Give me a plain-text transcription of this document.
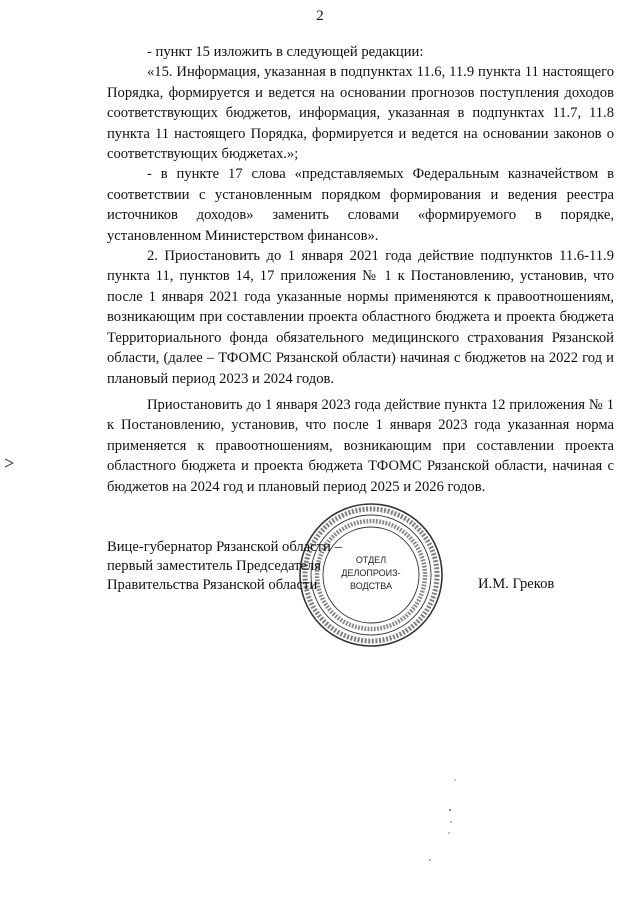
2

- пункт 15 изложить в следующей редакции:

«15. Информация, указанная в подпунктах 11.6, 11.9 пункта 11 настоящего Порядка, формируется и ведется на основании прогнозов поступления доходов соответствующих бюджетов, информация, указанная в подпунктах 11.7, 11.8 пункта 11 настоящего Порядка, формируется и ведется на основании законов о соответствующих бюджетах.»;

- в пункте 17 слова «представляемых Федеральным казначейством в соответствии с установленным порядком формирования и ведения реестра источников доходов» заменить словами «формируемого в порядке, установленном Министерством финансов».

2. Приостановить до 1 января 2021 года действие подпунктов 11.6-11.9 пункта 11, пунктов 14, 17 приложения № 1 к Постановлению, установив, что после 1 января 2021 года указанные нормы применяются к правоотношениям, возникающим при составлении проекта областного бюджета и проекта бюджета Территориального фонда обязательного медицинского страхования Рязанской области, (далее – ТФОМС Рязанской области) начиная с бюджетов на 2022 год и плановый период 2023 и 2024 годов.

Приостановить до 1 января 2023 года действие пункта 12 приложения № 1 к Постановлению, установив, что после 1 января 2023 года указанная норма применяется к правоотношениям, возникающим при составлении проекта областного бюджета и проекта бюджета ТФОМС Рязанской области, начиная с бюджетов на 2024 год и плановый период 2025 и 2026 годов.

ОТДЕЛ
ДЕЛОПРОИЗ-
ВОДСТВА
Вице-губернатор Рязанской области –
первый заместитель Председателя
Правительства Рязанской области	И.М. Греков
